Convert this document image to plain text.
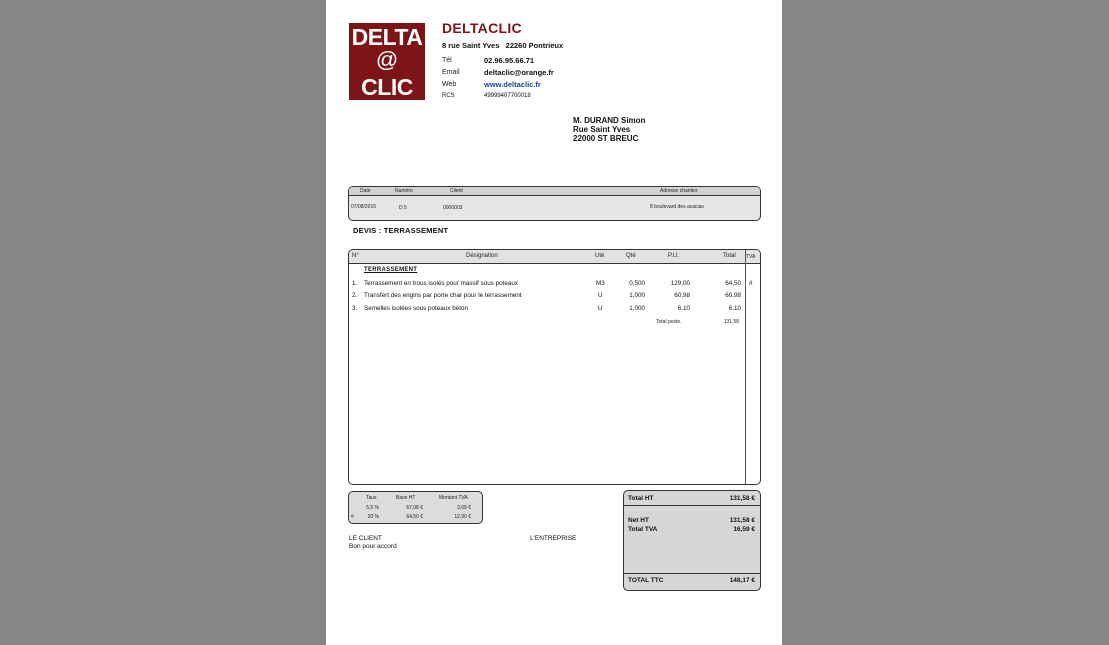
DELTA
@
CLIC
DELTACLIC
8 rue Saint Yves   22260 Pontrieux
Tél	02.96.95.66.71
Email	deltaclic@orange.fr
Web	www.deltaclic.fr
RCS	49999407700018
M. DURAND Simon
Rue Saint Yves
22000 ST BREUC
Date	Numéro	Client	Adresse chantier
07/08/2015	D 5	0000003	8 boulevard des acacias
DEVIS : TERRASSEMENT
N°	Désignation	Uté	Qté	P.U.	Total TVA
TERRASSEMENT
1. Terrassement en trous isolés pour massif sous poteaux	M3	0,500	129,00	64,50 #
2. Transfert des engins par porte char pour le terrassement	U	1,000	60,98	60,98
3. Semelles isolées sous poteaux béton	U	1,000	6,10	6,10
Total poste.	131,58
Taux	Base HT	Montant TVA
5,5 %	67,08 €	3,69 €
#	20 %	64,50 €	12,90 €
LE CLIENT
Bon pour accord
L'ENTREPRISE
Total HT	131,58 €
Net HT	131,58 €
Total TVA	16,59 €
TOTAL TTC	148,17 €
